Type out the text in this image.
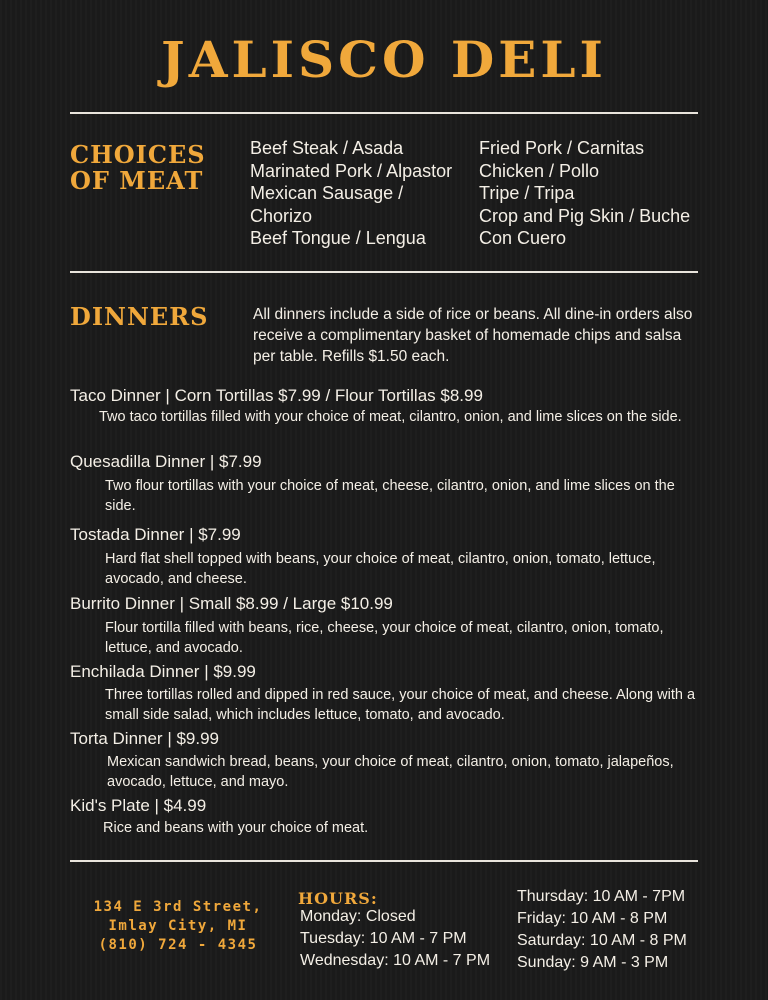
JALISCO DELI
CHOICES
OF MEAT
Beef Steak / Asada
Marinated Pork / Alpastor
Mexican Sausage /
Chorizo
Beef Tongue / Lengua
Fried Pork / Carnitas
Chicken / Pollo
Tripe / Tripa
Crop and Pig Skin / Buche
Con Cuero
DINNERS	All dinners include a side of rice or beans. All dine-in orders also receive a complimentary basket of homemade chips and salsa per table. Refills $1.50 each.
Taco Dinner | Corn Tortillas $7.99 / Flour Tortillas $8.99
Two taco tortillas filled with your choice of meat, cilantro, onion, and lime slices on the side.
Quesadilla Dinner | $7.99
Two flour tortillas with your choice of meat, cheese, cilantro, onion, and lime slices on the side.
Tostada Dinner | $7.99
Hard flat shell topped with beans, your choice of meat, cilantro, onion, tomato, lettuce, avocado, and cheese.
Burrito Dinner | Small $8.99 / Large $10.99
Flour tortilla filled with beans, rice, cheese, your choice of meat, cilantro, onion, tomato, lettuce, and avocado.
Enchilada Dinner | $9.99
Three tortillas rolled and dipped in red sauce, your choice of meat, and cheese. Along with a small side salad, which includes lettuce, tomato, and avocado.
Torta Dinner | $9.99
Mexican sandwich bread, beans, your choice of meat, cilantro, onion, tomato, jalapeños, avocado, lettuce, and mayo.
Kid's Plate | $4.99
Rice and beans with your choice of meat.
134 E 3rd Street,
Imlay City, MI
(810) 724 - 4345
HOURS:
Monday: Closed
Tuesday: 10 AM - 7 PM
Wednesday: 10 AM - 7 PM
Thursday: 10 AM - 7PM
Friday: 10 AM - 8 PM
Saturday: 10 AM - 8 PM
Sunday: 9 AM - 3 PM
